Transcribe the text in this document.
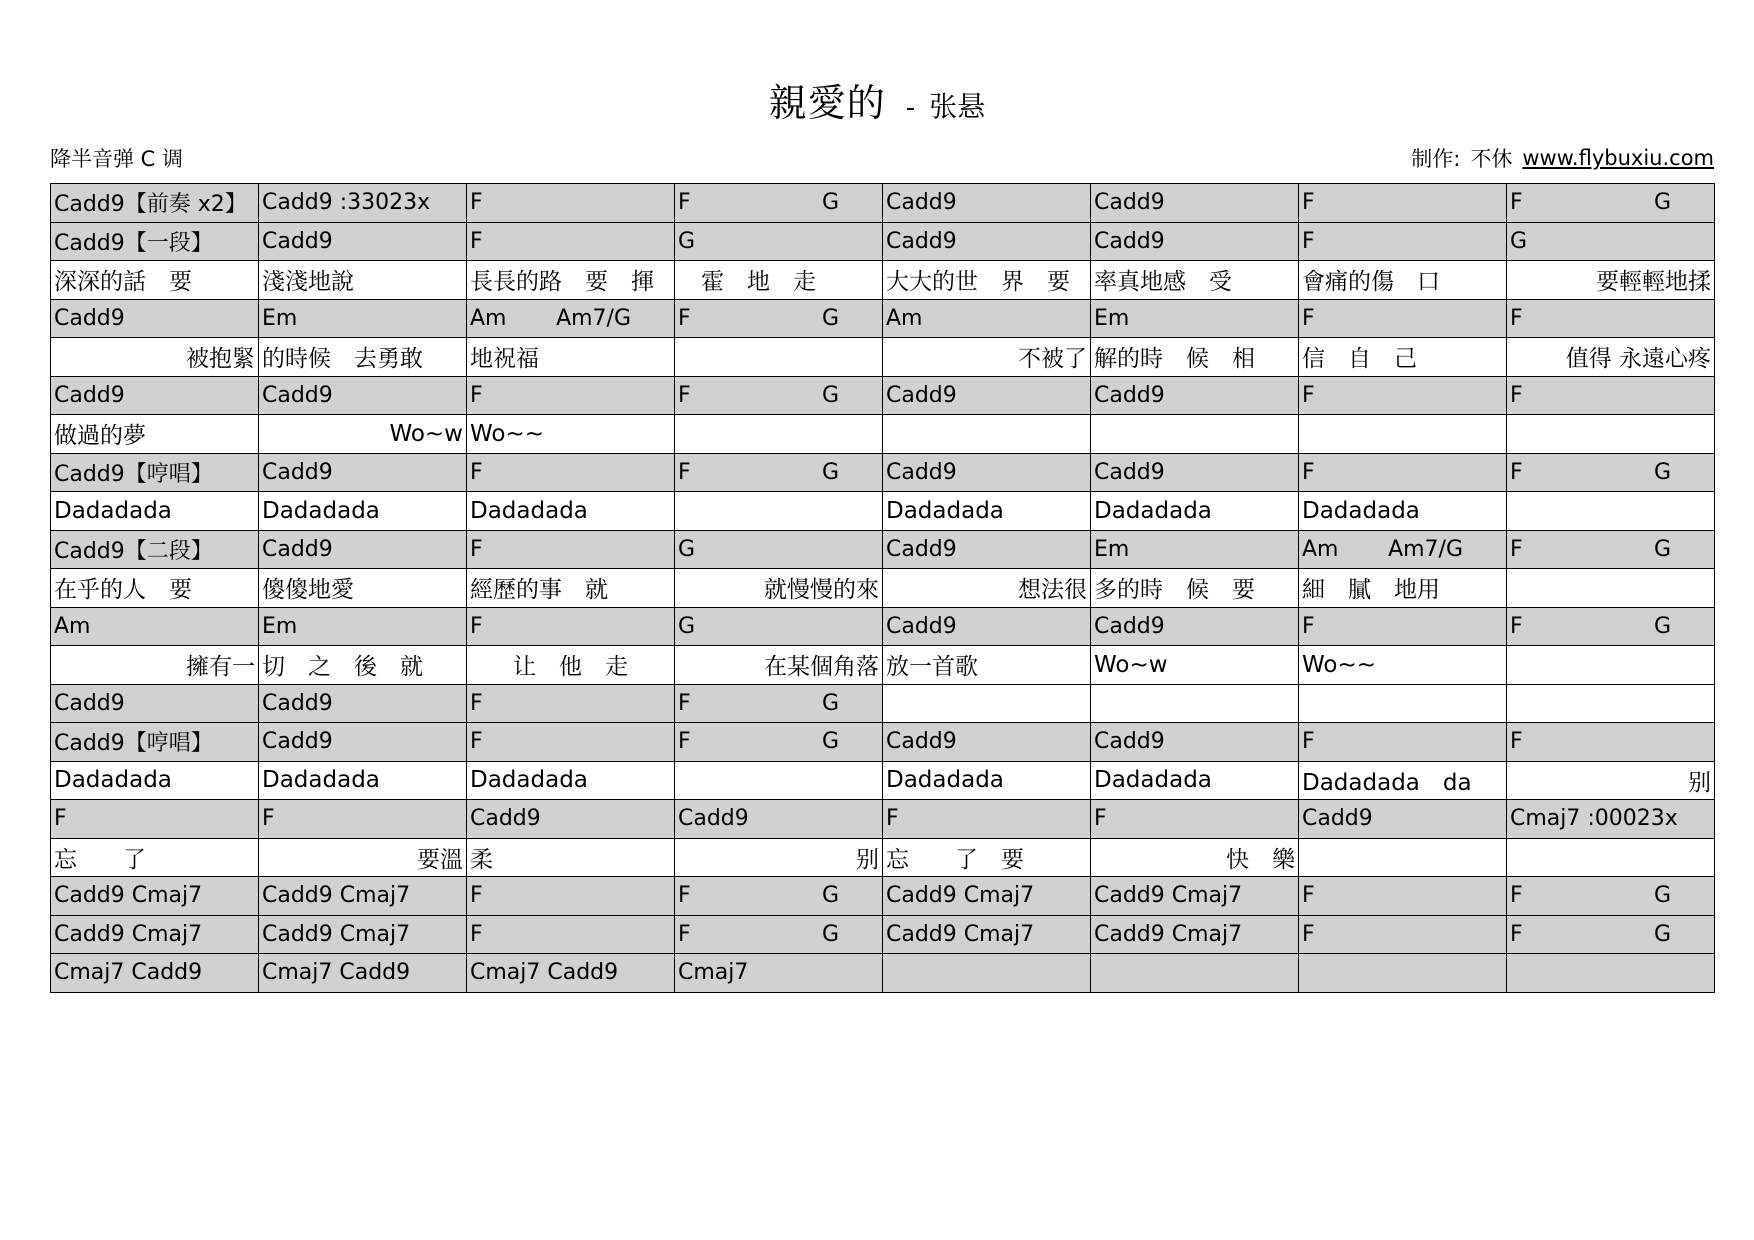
親愛的 - 张悬
降半音弹 C 调	制作: 不休 www.flybuxiu.com
Cadd9【前奏 x2】	Cadd9 :33023x	F	F G	Cadd9	Cadd9	F	F G

Cadd9【一段】	Cadd9	F	G	Cadd9	Cadd9	F	G

深深的話　要	淺淺地說	長長的路　要　揮	　霍　地　走	大大的世　界　要	率真地感　受	會痛的傷　口	要輕輕地揉

Cadd9	Em	Am Am7/G	F G	Am	Em	F	F

被抱緊	的時候　去勇敢	地祝福		不被了	解的時　候　相	信　自　己	值得 永遠心疼

Cadd9	Cadd9	F	F G	Cadd9	Cadd9	F	F

做過的夢	Wo~w	Wo~~					

Cadd9【哼唱】	Cadd9	F	F G	Cadd9	Cadd9	F	F G

Dadadada	Dadadada	Dadadada		Dadadada	Dadadada	Dadadada	

Cadd9【二段】	Cadd9	F	G	Cadd9	Em	Am Am7/G	F G

在乎的人　要	傻傻地愛	經歷的事　就	就慢慢的來	想法很	多的時　候　要	細　膩　地用	

Am	Em	F	G	Cadd9	Cadd9	F	F G

擁有一	切　之　後　就	让　他　走	在某個角落	放一首歌	Wo~w	Wo~~	

Cadd9	Cadd9	F	F G				

Cadd9【哼唱】	Cadd9	F	F G	Cadd9	Cadd9	F	F

Dadadada	Dadadada	Dadadada		Dadadada	Dadadada	Dadadada　da	别

F	F	Cadd9	Cadd9	F	F	Cadd9	Cmaj7 :00023x

忘　　了	要溫	柔	别	忘　　了　要	快　樂		

Cadd9 Cmaj7	Cadd9 Cmaj7	F	F G	Cadd9 Cmaj7	Cadd9 Cmaj7	F	F G

Cadd9 Cmaj7	Cadd9 Cmaj7	F	F G	Cadd9 Cmaj7	Cadd9 Cmaj7	F	F G

Cmaj7 Cadd9	Cmaj7 Cadd9	Cmaj7 Cadd9	Cmaj7				
